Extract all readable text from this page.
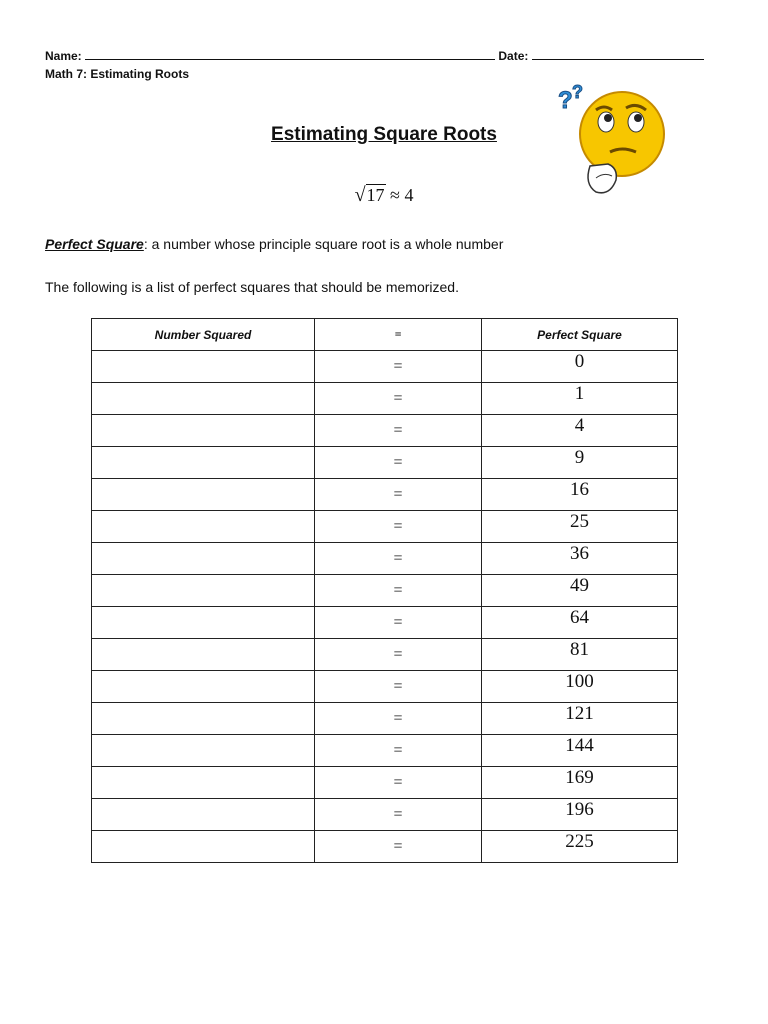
Name:	Date:
Math 7: Estimating Roots
Estimating Square Roots
√17 ≈ 4
Perfect Square: a number whose principle square root is a whole number
The following is a list of perfect squares that should be memorized.
? ?
Number Squared	=	Perfect Square
	=	0
	=	1
	=	4
	=	9
	=	16
	=	25
	=	36
	=	49
	=	64
	=	81
	=	100
	=	121
	=	144
	=	169
	=	196
	=	225
